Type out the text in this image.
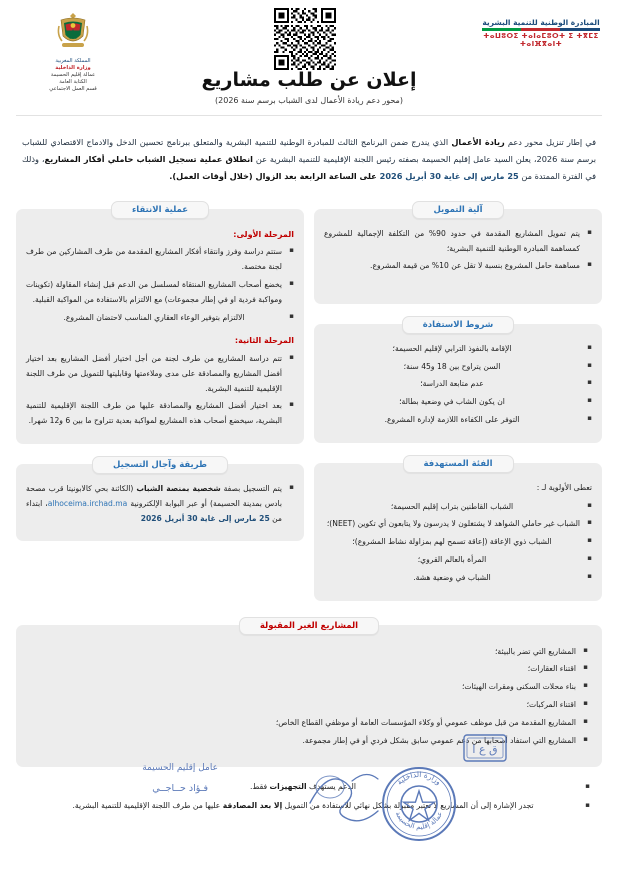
المبادرة الوطنية للتنمية البشرية
ⵜⴰⵡⵓⵔⵉ ⵜⴰⵏⴰⵎⵓⵔⵜ ⵉ ⵜⴳⵎⵉ ⵜⴰⵏⴼⴳⴰⵏⵜ
المملكة المغربية
وزارة الداخلية
عمالة إقليم الحسيمة
الكتابة العامة
قسم العمل الاجتماعي	إعلان عن طلب مشاريع
(محور دعم ريادة الأعمال لدى الشباب برسم سنة 2026)

في إطار تنزيل محور دعم ريادة الأعمال الذي يندرج ضمن البرنامج الثالث للمبادرة الوطنية للتنمية البشرية والمتعلق ببرنامج تحسين الدخل والادماج الاقتصادي للشباب برسم سنة 2026، يعلن السيد عامل إقليم الحسيمة بصفته رئيس اللجنة الإقليمية للتنمية البشرية عن انطلاق عملية تسجيل الشباب حاملي أفكار المشاريع، وذلك في الفترة الممتدة من 25 مارس إلى غاية 30 أبريل 2026 على الساعة الرابعة بعد الزوال (خلال أوقات العمل).

آلية التمويل
▪ يتم تمويل المشاريع المقدمة في حدود 90% من التكلفة الإجمالية للمشروع كمساهمة المبادرة الوطنية للتنمية البشرية؛
▪ مساهمة حامل المشروع بنسبة لا تقل عن 10% من قيمة المشروع.
شروط الاستفادة
▪ الإقامة بالنفوذ الترابي لإقليم الحسيمة؛
▪ السن يتراوح بين 18 و45 سنة؛
▪ عدم متابعة الدراسة؛
▪ ان يكون الشاب في وضعية بطالة؛
▪ التوفر على الكفاءة اللازمة لإدارة المشروع.
الفئة المستهدفة

تعطى الأولوية لـ :

▪ الشباب القاطنين بتراب إقليم الحسيمة؛
▪ الشباب غير حاملي الشواهد لا يشتغلون لا يدرسون ولا يتابعون أي تكوين (NEET)؛
▪ الشباب ذوي الإعاقة (إعاقة تسمح لهم بمزاولة نشاط المشروع)؛
▪ المرأة بالعالم القروي؛
▪ الشباب في وضعية هشة.
عملية الانتقاء

المرحلة الأولى:

▪ ستتم دراسة وفرز وانتقاء أفكار المشاريع المقدمة من طرف المشاركين من طرف لجنة مختصة.
▪ يخضع أصحاب المشاريع المنتقاة لمسلسل من الدعم قبل إنشاء المقاولة (تكوينات ومواكبة فردية او في إطار مجموعات) مع الالتزام بالاستفادة من المواكبة القبلية.
▪ الالتزام بتوفير الوعاء العقاري المناسب لاحتضان المشروع.

المرحلة الثانية:

▪ تتم دراسة المشاريع من طرف لجنة من أجل اختيار أفضل المشاريع بعد اختيار أفضل المشاريع والمصادقة على مدى وملاءمتها وقابليتها للتمويل من طرف اللجنة الإقليمية للتنمية البشرية.
▪ بعد اختيار أفضل المشاريع والمصادقة عليها من طرف اللجنة الإقليمية للتنمية البشرية، سيخضع أصحاب هذه المشاريع لمواكبة بعدية تتراوح ما بين 6 و12 شهرا.
طريقة وآجال التسجيل
▪ يتم التسجيل بصفة شخصية بمنصة الشباب (الكائنة بحي كالابونيتا قرب مصحة بادس بمدينة الحسيمة) أو عبر البوابة الإلكترونية alhoceima.irchad.ma، ابتداء من 25 مارس إلى غاية 30 أبريل 2026
المشاريع الغير المقبولة
▪ المشاريع التي تضر بالبيئة؛
▪ اقتناء العقارات؛
▪ بناء محلات السكنى ومقرات الهيئات؛
▪ اقتناء المركبات؛
▪ المشاريع المقدمة من قبل موظف عمومي أو وكلاء المؤسسات العامة أو موظفي القطاع الخاص؛
▪ المشاريع التي استفاد أصحابها من دعم عمومي سابق بشكل فردي أو في إطار مجموعة.
▪ الدعم يستهدف التجهيزات فقط.
▪ تجدر الإشارة إلى أن المشاريع لا تعتبر مقبولة بشكل نهائي للاستفادة من التمويل إلا بعد المصادقة عليها من طرف اللجنة الإقليمية للتنمية البشرية.
ق ع ا
عامل إقليم الحسيمة
فـؤاد حــاجــي
وزارة الداخلية
عمالة إقليم الحسيمة
